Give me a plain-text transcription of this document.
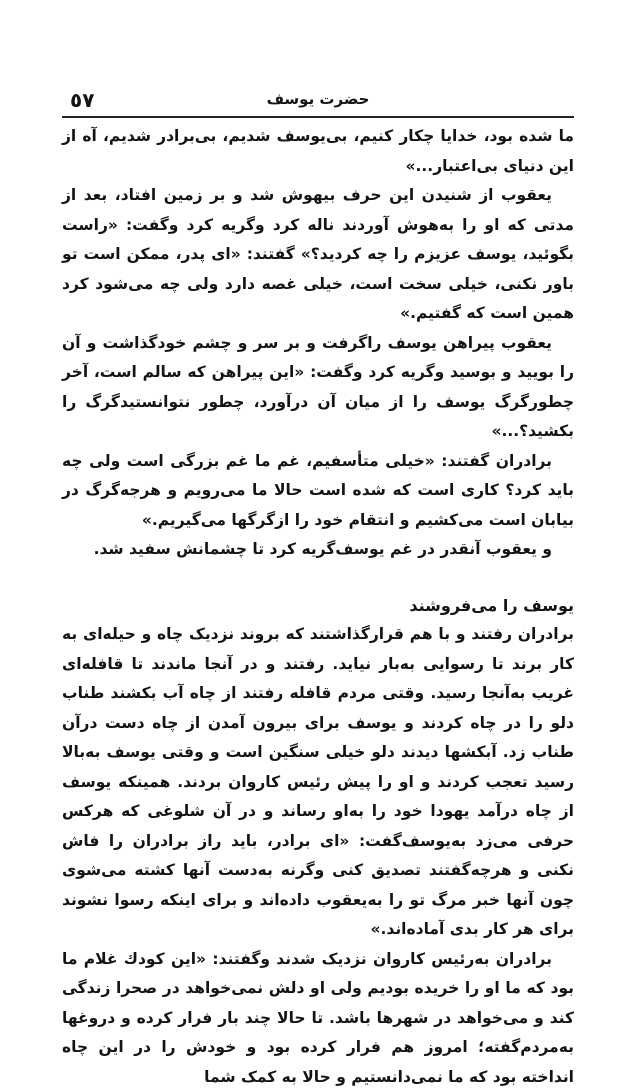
٥٧	حضرت یوسف

ما شده بود، خدایا چکار کنیم، بی‌یوسف شدیم، بی‌برادر شدیم، آه از این دنیای بی‌اعتبار...»

یعقوب از شنیدن این حرف بیهوش شد و بر زمین افتاد، بعد از مدتی که او را به‌هوش آوردند ناله کرد وگریه کرد وگفت: «راست بگوئید، یوسف عزیزم را چه کردید؟» گفتند: «ای پدر، ممکن است تو باور نکنی، خیلی سخت است، خیلی غصه دارد ولی چه می‌شود کرد همین است که گفتیم.»

یعقوب پیراهن یوسف راگرفت و بر سر و چشم خودگذاشت و آن را بویید و بوسید وگریه کرد وگفت: «این پیراهن که سالم است، آخر چطورگرگ یوسف را از میان آن درآورد، چطور نتوانستیدگرگ را بکشید؟...»

برادران گفتند: «خیلی متأسفیم، غم ما غم بزرگی است ولی چه باید کرد؟ کاری است که شده است حالا ما می‌رویم و هرجه‌گرگ در بیابان است می‌کشیم و انتقام خود را ازگرگها می‌گیریم.»

و یعقوب آنقدر در غم یوسف‌گریه کرد تا چشمانش سفید شد.

یوسف را می‌فروشند

برادران رفتند و با هم قرارگذاشتند که بروند نزدیک چاه و حیله‌ای به‌ کار برند تا رسوایی به‌بار نیاید. رفتند و در آنجا ماندند تا قافله‌ای غریب به‌آنجا رسید. وقتی مردم قافله رفتند از چاه آب بکشند طناب دلو را در چاه کردند و یوسف برای بیرون آمدن از چاه دست درآن طناب زد. آبکشها دیدند دلو خیلی سنگین است و وقتی یوسف به‌بالا رسید تعجب کردند و او را پیش رئیس کاروان بردند. همینکه یوسف از چاه درآمد یهودا خود را به‌او رساند و در آن شلوغی که هرکس حرفی می‌زد به‌یوسف‌گفت: «ای برادر، باید راز برادران را فاش نکنی و هرچه‌گفتند تصدیق کنی وگرنه به‌دست آنها کشته می‌شوی چون آنها خبر مرگ تو را به‌یعقوب داده‌اند و برای اینکه رسوا نشوند برای هر کار بدی آماده‌اند.»

برادران به‌رئیس کاروان نزدیک شدند وگفتند: «این کودك غلام ما بود که ما او را خریده بودیم ولی او دلش نمی‌خواهد در صحرا زندگی کند و می‌خواهد در شهرها باشد. تا حالا چند بار فرار کرده و دروغها به‌مردم‌گفته؛ امروز هم فرار کرده بود و خودش را در این چاه انداخته بود که ما نمی‌دانستیم و حالا به‌ کمک شما
